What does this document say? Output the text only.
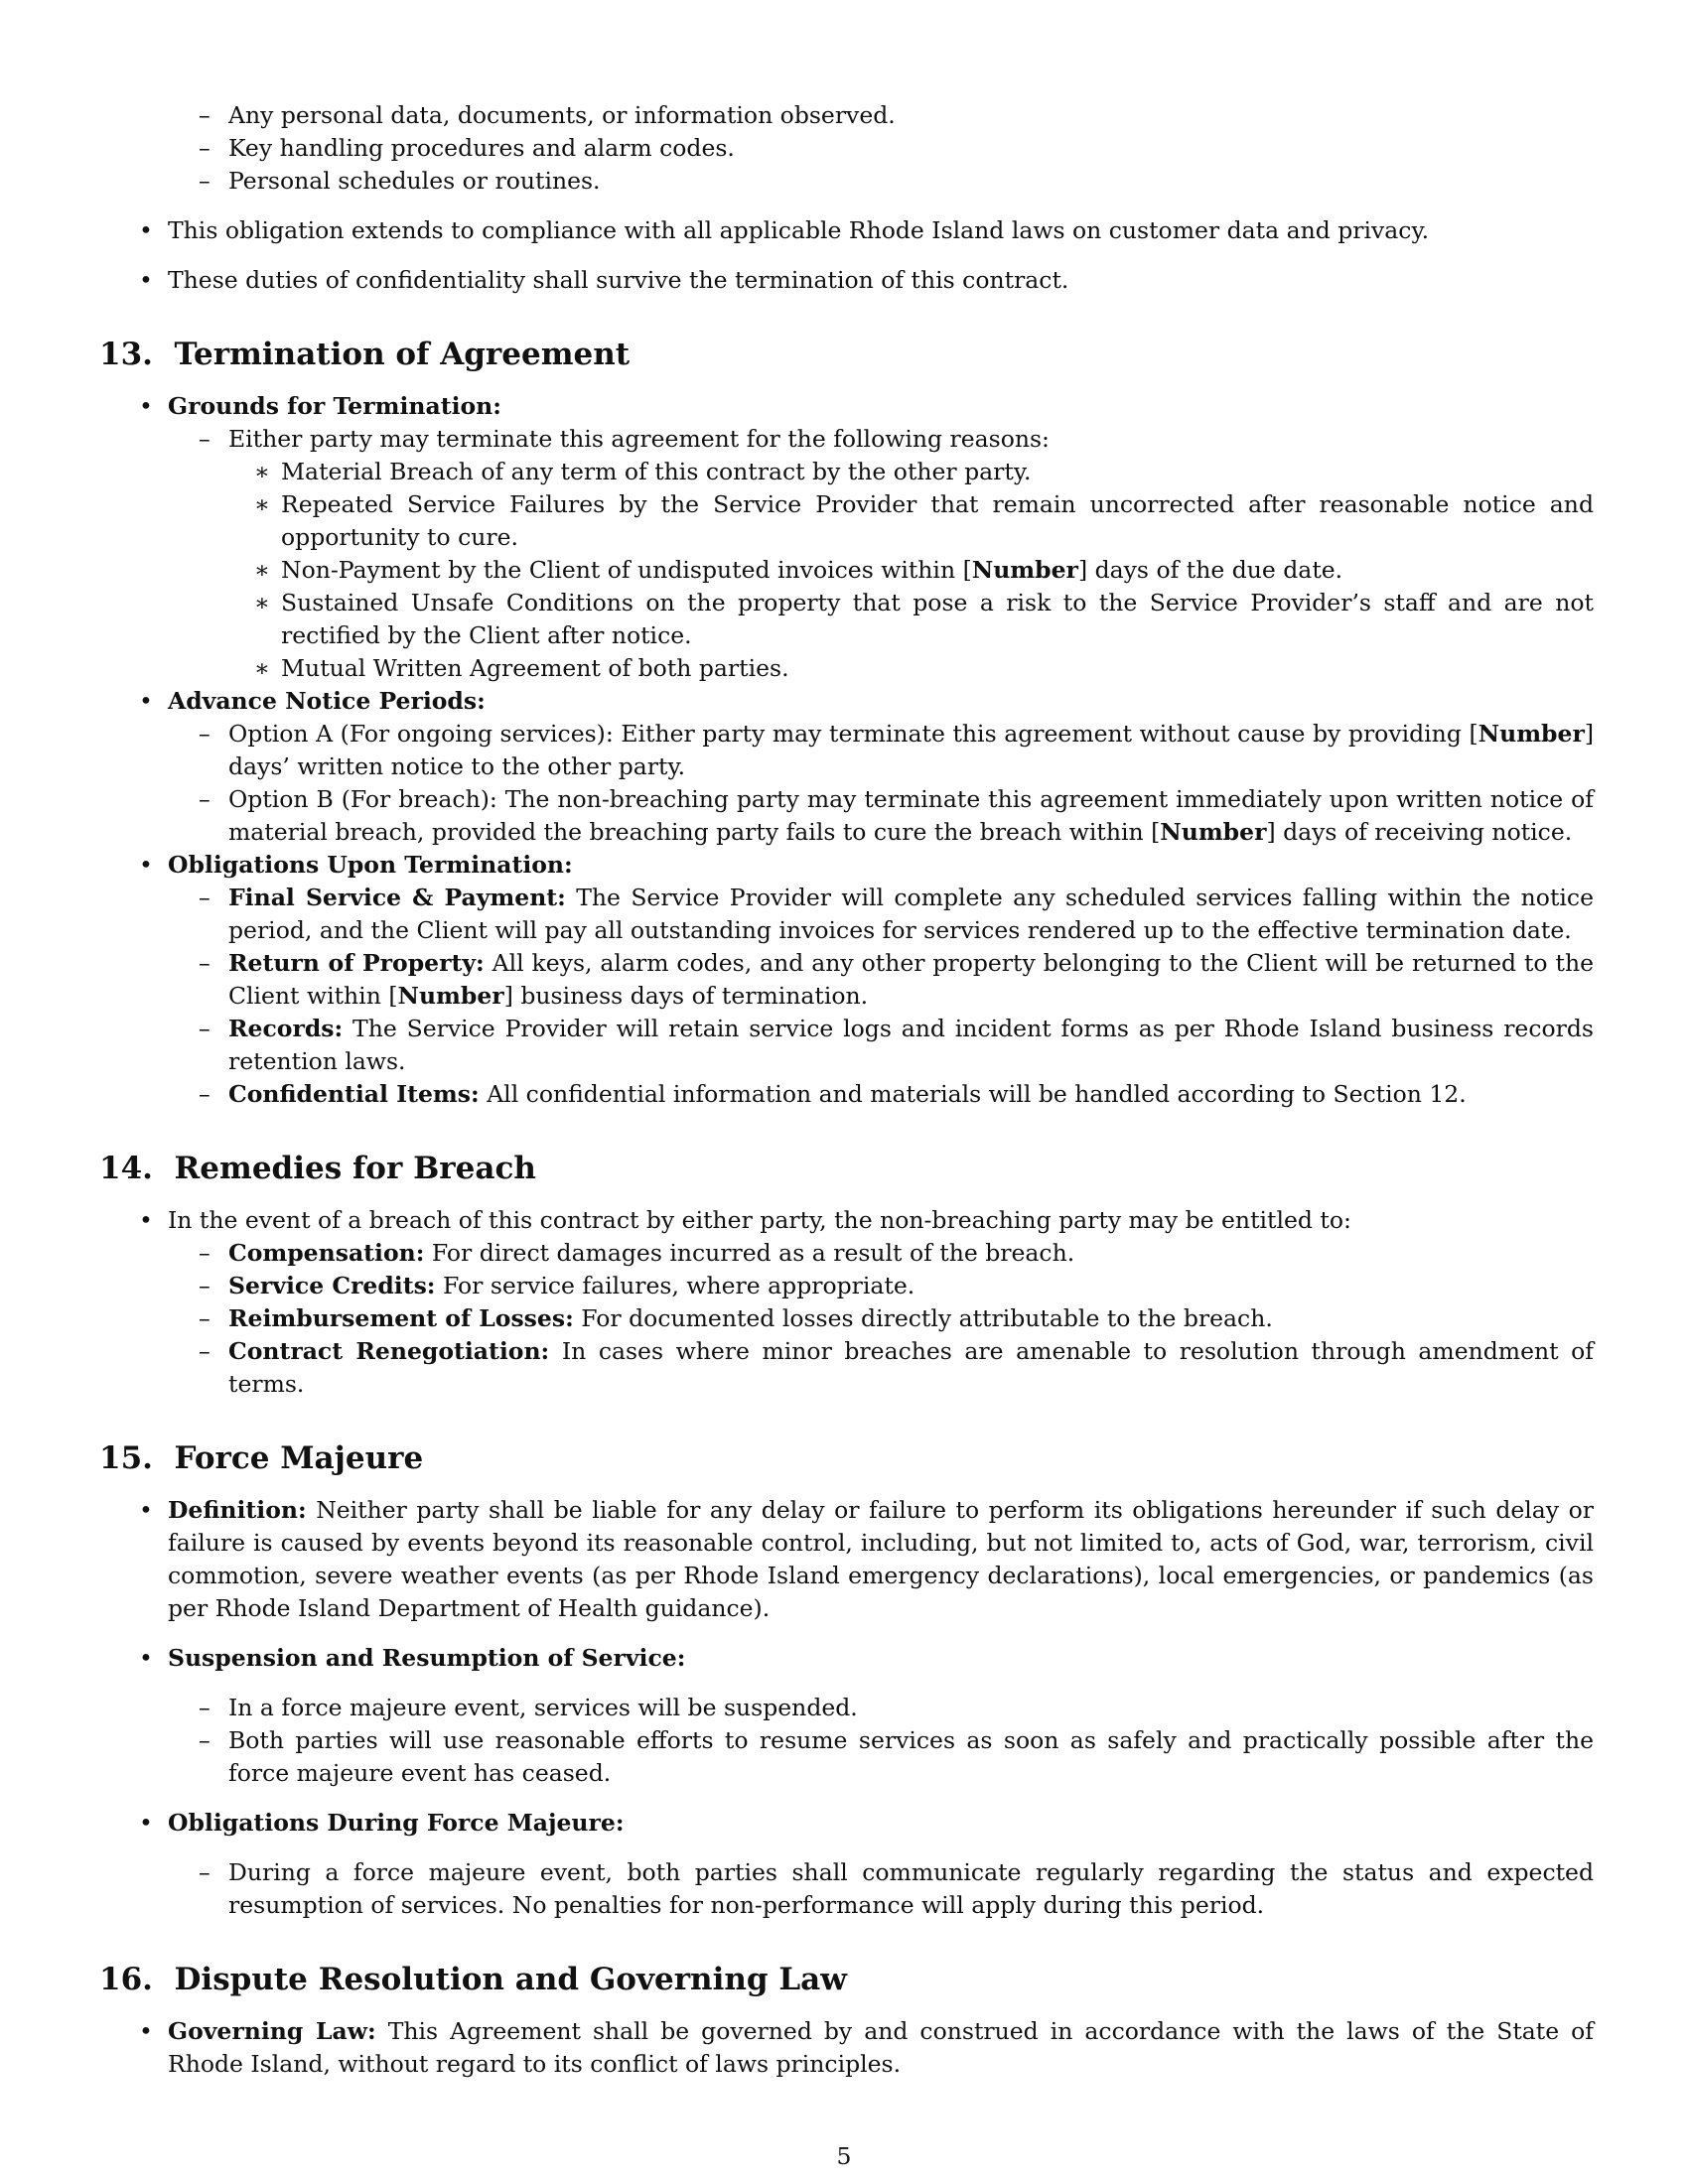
– Any personal data, documents, or information observed.
– Key handling procedures and alarm codes.
– Personal schedules or routines.
• This obligation extends to compliance with all applicable Rhode Island laws on customer data and privacy.
• These duties of confidentiality shall survive the termination of this contract.
13. Termination of Agreement
• Grounds for Termination:
– Either party may terminate this agreement for the following reasons:
∗ Material Breach of any term of this contract by the other party.
∗ Repeated Service Failures by the Service Provider that remain uncorrected after reasonable notice and opportunity to cure.
∗ Non-Payment by the Client of undisputed invoices within [Number] days of the due date.
∗ Sustained Unsafe Conditions on the property that pose a risk to the Service Provider’s staff and are not rectified by the Client after notice.
∗ Mutual Written Agreement of both parties.
• Advance Notice Periods:
– Option A (For ongoing services): Either party may terminate this agreement without cause by providing [Number] days’ written notice to the other party.
– Option B (For breach): The non-breaching party may terminate this agreement immediately upon written notice of material breach, provided the breaching party fails to cure the breach within [Number] days of receiving notice.
• Obligations Upon Termination:
– Final Service & Payment: The Service Provider will complete any scheduled services falling within the notice period, and the Client will pay all outstanding invoices for services rendered up to the effective termination date.
– Return of Property: All keys, alarm codes, and any other property belonging to the Client will be returned to the Client within [Number] business days of termination.
– Records: The Service Provider will retain service logs and incident forms as per Rhode Island business records retention laws.
– Confidential Items: All confidential information and materials will be handled according to Section 12.
14. Remedies for Breach
• In the event of a breach of this contract by either party, the non-breaching party may be entitled to:
– Compensation: For direct damages incurred as a result of the breach.
– Service Credits: For service failures, where appropriate.
– Reimbursement of Losses: For documented losses directly attributable to the breach.
– Contract Renegotiation: In cases where minor breaches are amenable to resolution through amendment of terms.
15. Force Majeure
• Definition: Neither party shall be liable for any delay or failure to perform its obligations hereunder if such delay or failure is caused by events beyond its reasonable control, including, but not limited to, acts of God, war, terrorism, civil commotion, severe weather events (as per Rhode Island emergency declarations), local emergencies, or pandemics (as per Rhode Island Department of Health guidance).
• Suspension and Resumption of Service:
– In a force majeure event, services will be suspended.
– Both parties will use reasonable efforts to resume services as soon as safely and practically possible after the force majeure event has ceased.
• Obligations During Force Majeure:
– During a force majeure event, both parties shall communicate regularly regarding the status and expected resumption of services. No penalties for non-performance will apply during this period.
16. Dispute Resolution and Governing Law
• Governing Law: This Agreement shall be governed by and construed in accordance with the laws of the State of Rhode Island, without regard to its conflict of laws principles.
5
